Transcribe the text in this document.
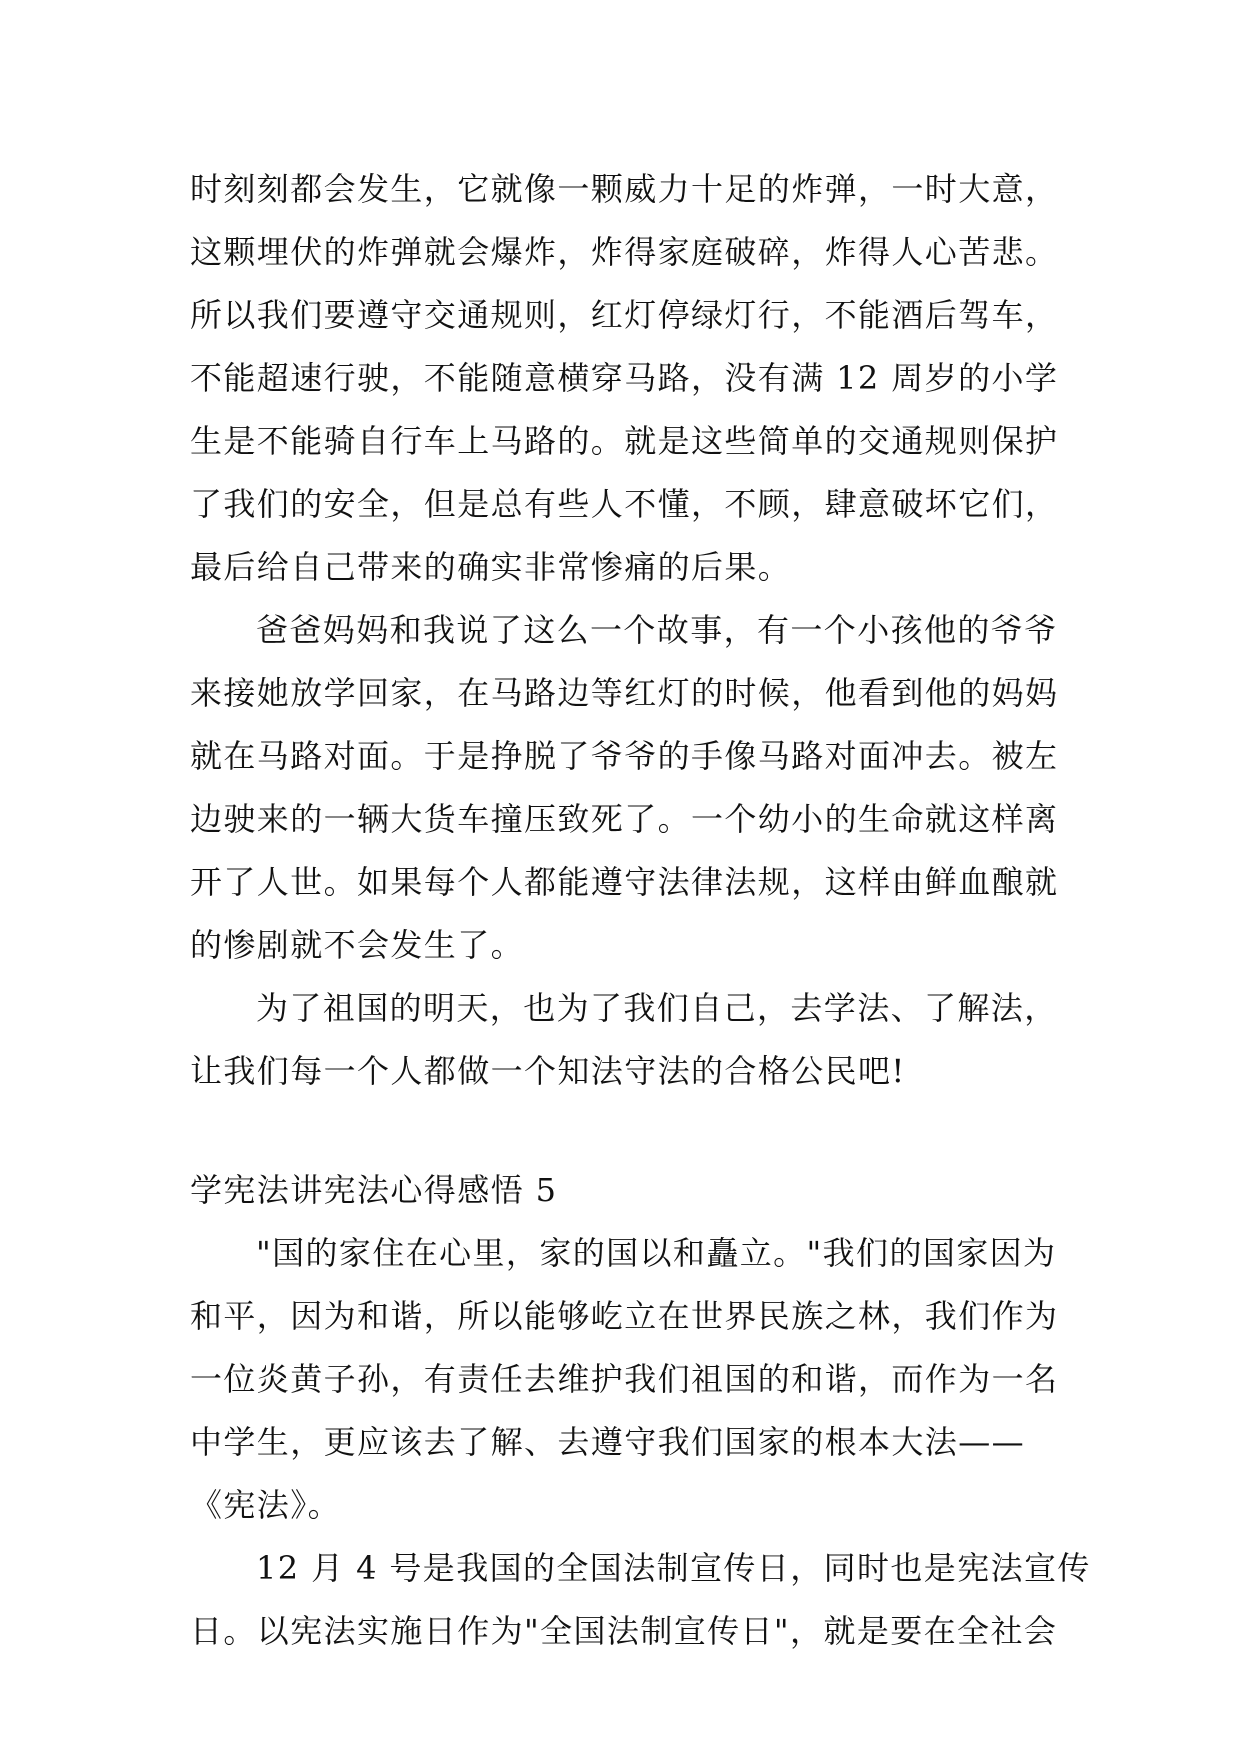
时刻刻都会发生，它就像一颗威力十足的炸弹，一时大意，
这颗埋伏的炸弹就会爆炸，炸得家庭破碎，炸得人心苦悲。
所以我们要遵守交通规则，红灯停绿灯行，不能酒后驾车，
不能超速行驶，不能随意横穿马路，没有满 12 周岁的小学
生是不能骑自行车上马路的。就是这些简单的交通规则保护
了我们的安全，但是总有些人不懂，不顾，肆意破坏它们，
最后给自己带来的确实非常惨痛的后果。
爸爸妈妈和我说了这么一个故事，有一个小孩他的爷爷
来接她放学回家，在马路边等红灯的时候，他看到他的妈妈
就在马路对面。于是挣脱了爷爷的手像马路对面冲去。被左
边驶来的一辆大货车撞压致死了。一个幼小的生命就这样离
开了人世。如果每个人都能遵守法律法规，这样由鲜血酿就
的惨剧就不会发生了。
为了祖国的明天，也为了我们自己，去学法、了解法，
让我们每一个人都做一个知法守法的合格公民吧!
学宪法讲宪法心得感悟 5
"国的家住在心里，家的国以和矗立。"我们的国家因为
和平，因为和谐，所以能够屹立在世界民族之林，我们作为
一位炎黄子孙，有责任去维护我们祖国的和谐，而作为一名
中学生，更应该去了解、去遵守我们国家的根本大法——
《宪法》。
12 月 4 号是我国的全国法制宣传日，同时也是宪法宣传
日。以宪法实施日作为"全国法制宣传日"，就是要在全社会
